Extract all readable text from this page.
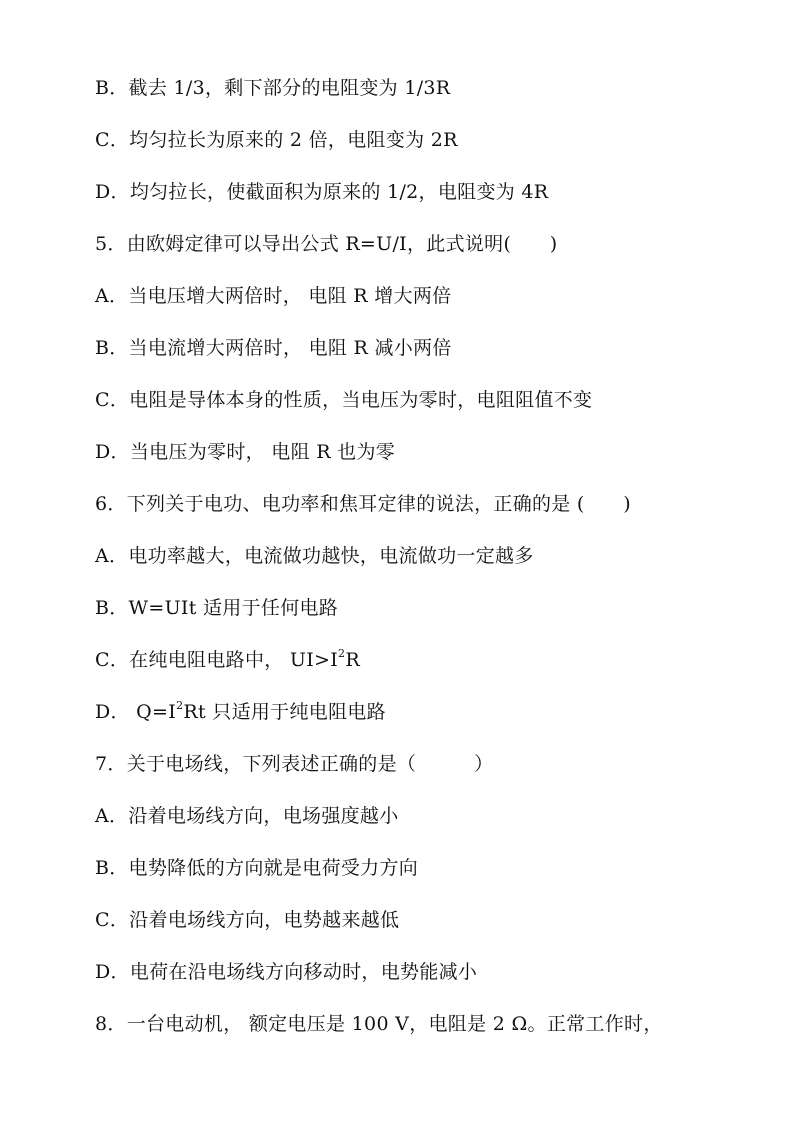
B．截去 1/3，剩下部分的电阻变为 1/3R
C．均匀拉长为原来的 2 倍，电阻变为 2R
D．均匀拉长，使截面积为原来的 1/2，电阻变为 4R
5．由欧姆定律可以导出公式 R=U/I，此式说明(　　)
A．当电压增大两倍时， 电阻 R 增大两倍
B．当电流增大两倍时， 电阻 R 减小两倍
C．电阻是导体本身的性质，当电压为零时，电阻阻值不变
D．当电压为零时， 电阻 R 也为零
6．下列关于电功、电功率和焦耳定律的说法，正确的是 (　　)
A．电功率越大，电流做功越快，电流做功一定越多
B．W=UIt 适用于任何电路
C．在纯电阻电路中， $UI>I^2R$
D． $Q=I^2Rt$ 只适用于纯电阻电路
7．关于电场线，下列表述正确的是（　　　）
A．沿着电场线方向，电场强度越小
B．电势降低的方向就是电荷受力方向
C．沿着电场线方向，电势越来越低
D．电荷在沿电场线方向移动时，电势能减小
8．一台电动机， 额定电压是 100 V，电阻是 2 Ω。正常工作时，
